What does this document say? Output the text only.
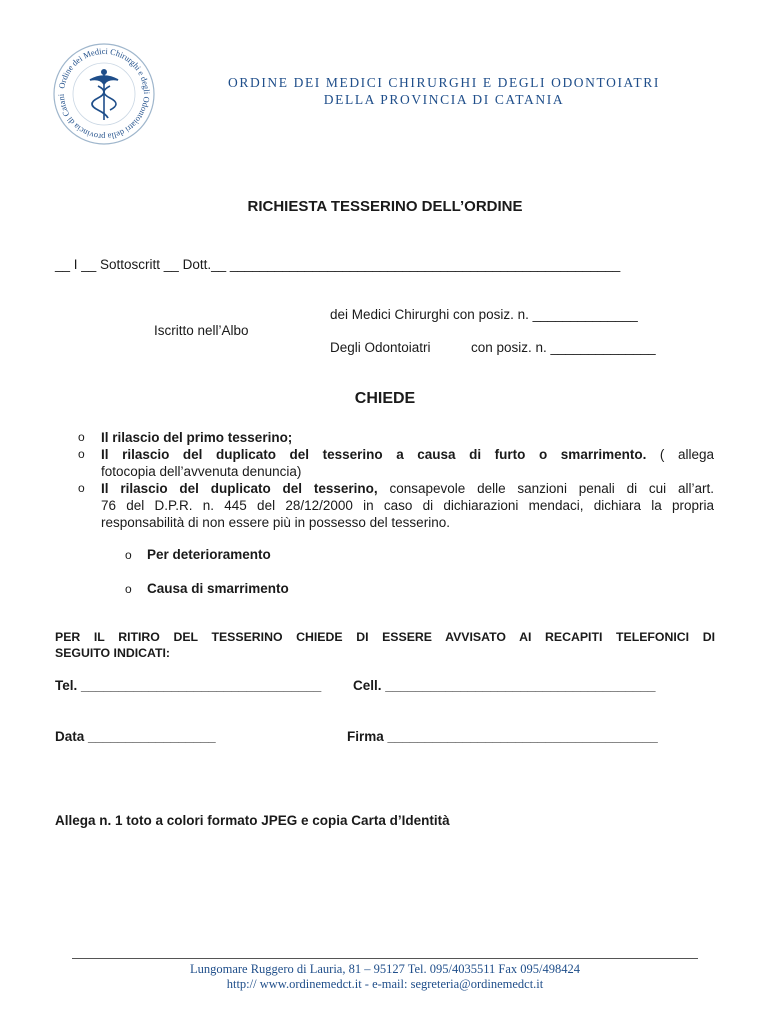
Ordine dei Medici Chirurghi e degli Odontoiatri della provincia di Catani
ORDINE DEI MEDICI CHIRURGHI E DEGLI ODONTOIATRI
DELLA PROVINCIA DI CATANIA
RICHIESTA TESSERINO DELL’ORDINE
__ I __ Sottoscritt __ Dott.__ ____________________________________________________
dei Medici Chirurghi con posiz. n. ______________
Iscritto nell’Albo
Degli Odontoiatri	con posiz. n. ______________
CHIEDE
o Il rilascio del primo tesserino;
o Il rilascio del duplicato del tesserino a causa di furto o smarrimento. ( allega
fotocopia dell’avvenuta denuncia)
o Il rilascio del duplicato del tesserino, consapevole delle sanzioni penali di cui all’art.
76 del D.P.R. n. 445 del 28/12/2000 in caso di dichiarazioni mendaci, dichiara la propria
responsabilità di non essere più in possesso del tesserino.
o Per deterioramento
o Causa di smarrimento
PER IL RITIRO DEL TESSERINO CHIEDE DI ESSERE AVVISATO AI RECAPITI TELEFONICI DI
SEGUITO INDICATI:
Tel. ________________________________ Cell. ____________________________________
Data _________________	Firma ____________________________________
Allega n. 1 toto a colori formato JPEG e copia Carta d’Identità
Lungomare Ruggero di Lauria, 81 – 95127 Tel. 095/4035511 Fax 095/498424
http:// www.ordinemedct.it - e-mail: segreteria@ordinemedct.it
